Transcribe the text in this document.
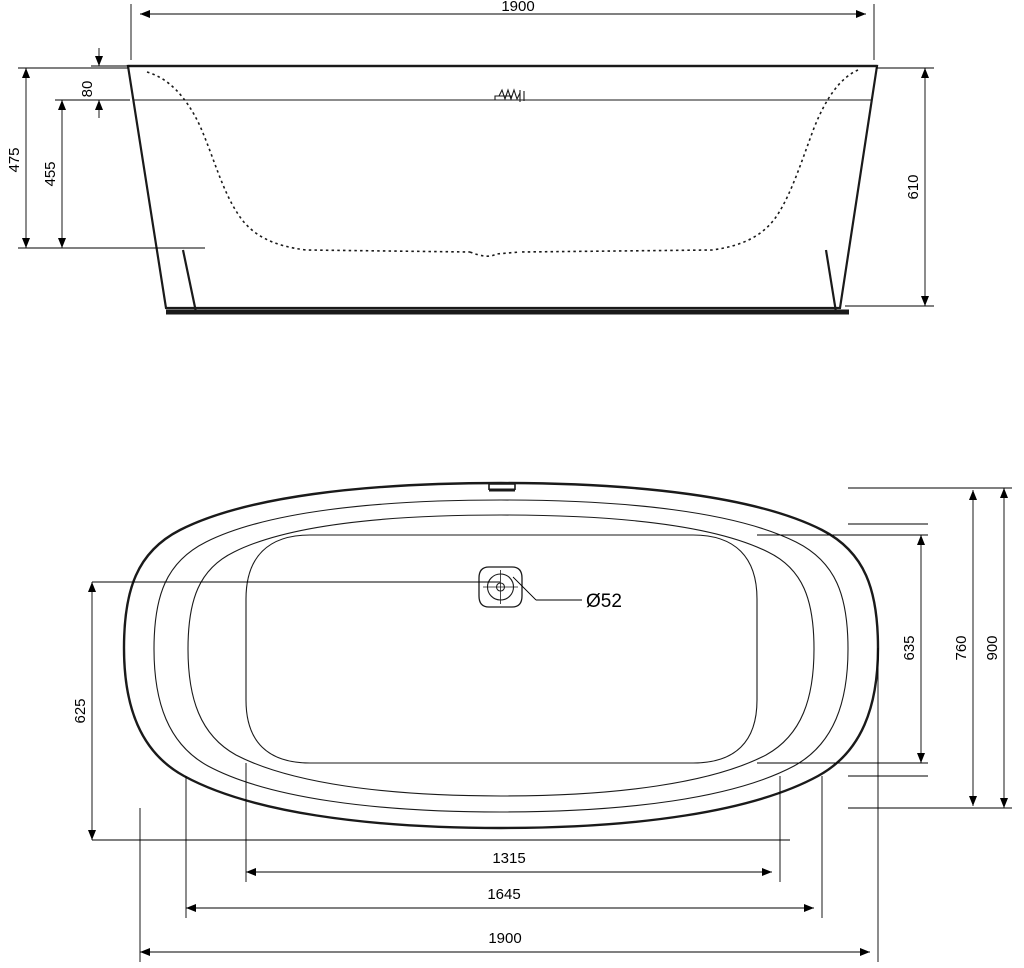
1900
80
455
475
610
900
760
635
625
1315
1645
1900
Ø52
